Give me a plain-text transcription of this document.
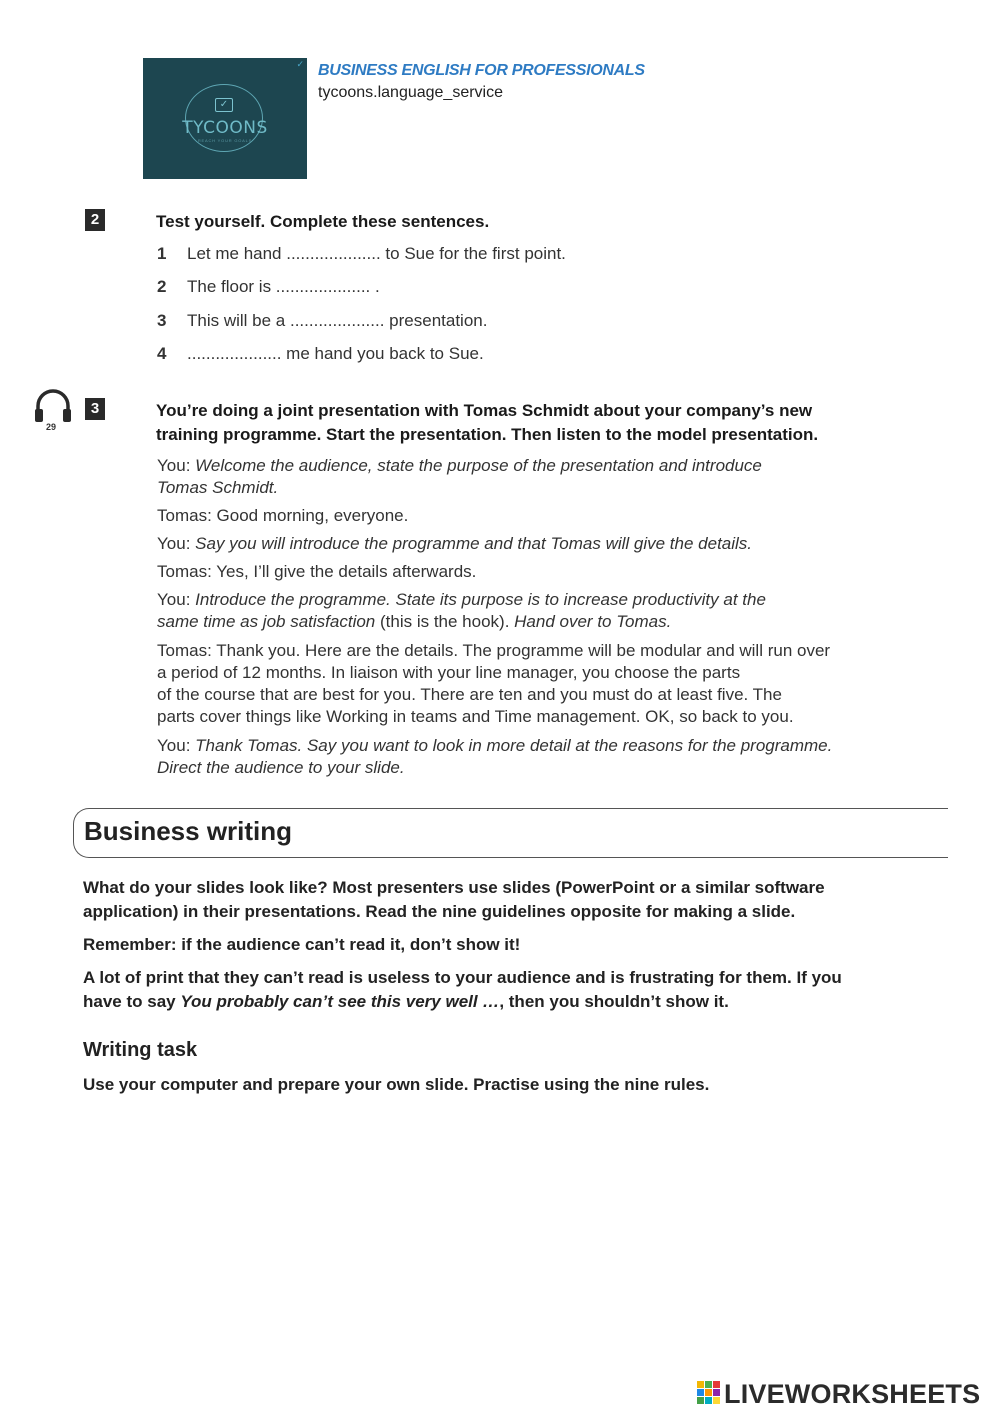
✓
TYCOONS
REACH YOUR GOALS
✓ BUSINESS ENGLISH FOR PROFESSIONALS
tycoons.language_service
2	Test yourself. Complete these sentences.
1 Let me hand .................... to Sue for the first point.
2 The floor is .................... .
3 This will be a .................... presentation.
4 .................... me hand you back to Sue.
29
3	You’re doing a joint presentation with Tomas Schmidt about your company’s new
training programme. Start the presentation. Then listen to the model presentation.
You: Welcome the audience, state the purpose of the presentation and introduce
Tomas Schmidt.
Tomas: Good morning, everyone.
You: Say you will introduce the programme and that Tomas will give the details.
Tomas: Yes, I’ll give the details afterwards.
You: Introduce the programme. State its purpose is to increase productivity at the
same time as job satisfaction (this is the hook). Hand over to Tomas.
Tomas: Thank you. Here are the details. The programme will be modular and will run over
a period of 12 months. In liaison with your line manager, you choose the parts
of the course that are best for you. There are ten and you must do at least five. The
parts cover things like Working in teams and Time management. OK, so back to you.
You: Thank Tomas. Say you want to look in more detail at the reasons for the programme.
Direct the audience to your slide.
Business writing
What do your slides look like? Most presenters use slides (PowerPoint or a similar software
application) in their presentations. Read the nine guidelines opposite for making a slide.
Remember: if the audience can’t read it, don’t show it!
A lot of print that they can’t read is useless to your audience and is frustrating for them. If you
have to say You probably can’t see this very well …, then you shouldn’t show it.
Writing task
Use your computer and prepare your own slide. Practise using the nine rules.
LIVEWORKSHEETS
